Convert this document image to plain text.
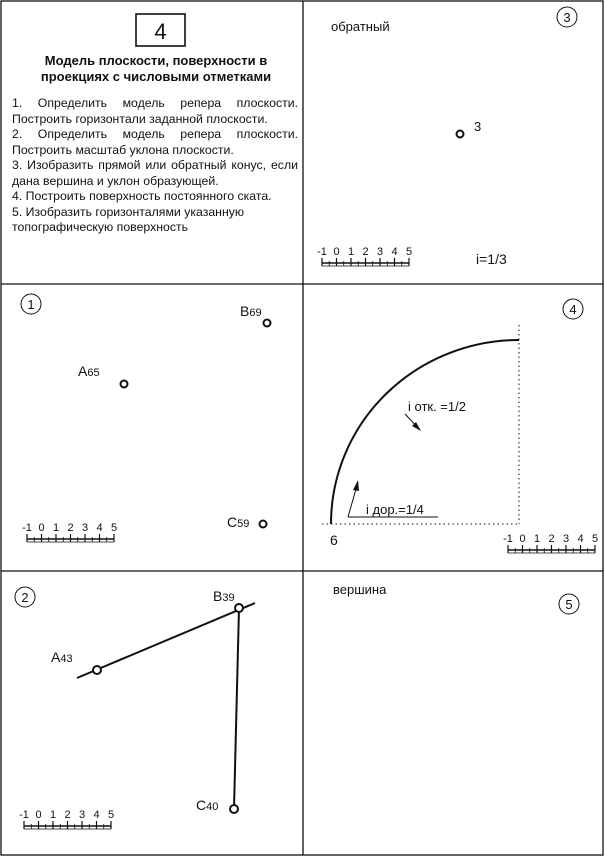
4
3
обратный
3
i=1/3
-1 0 1 2 3 4 5
1
A65
B69
C59
-1 0 1 2 3 4 5
4
i отк. =1/2
i дор.=1/4
6	-1 0 1 2 3 4 5
2
A43
B39
C40
-1 0 1 2 3 4 5
5
вершина
Модель плоскости, поверхности в
проекциях с числовыми отметками

1. Определить модель репера плоскости. Построить горизонтали заданной плоскости.

2. Определить модель репера плоскости. Построить масштаб уклона плоскости.

3. Изобразить прямой или обратный конус, если дана вершина и уклон образующей.

4. Построить поверхность постоянного ската.

5. Изобразить горизонталями указанную топографическую поверхность
